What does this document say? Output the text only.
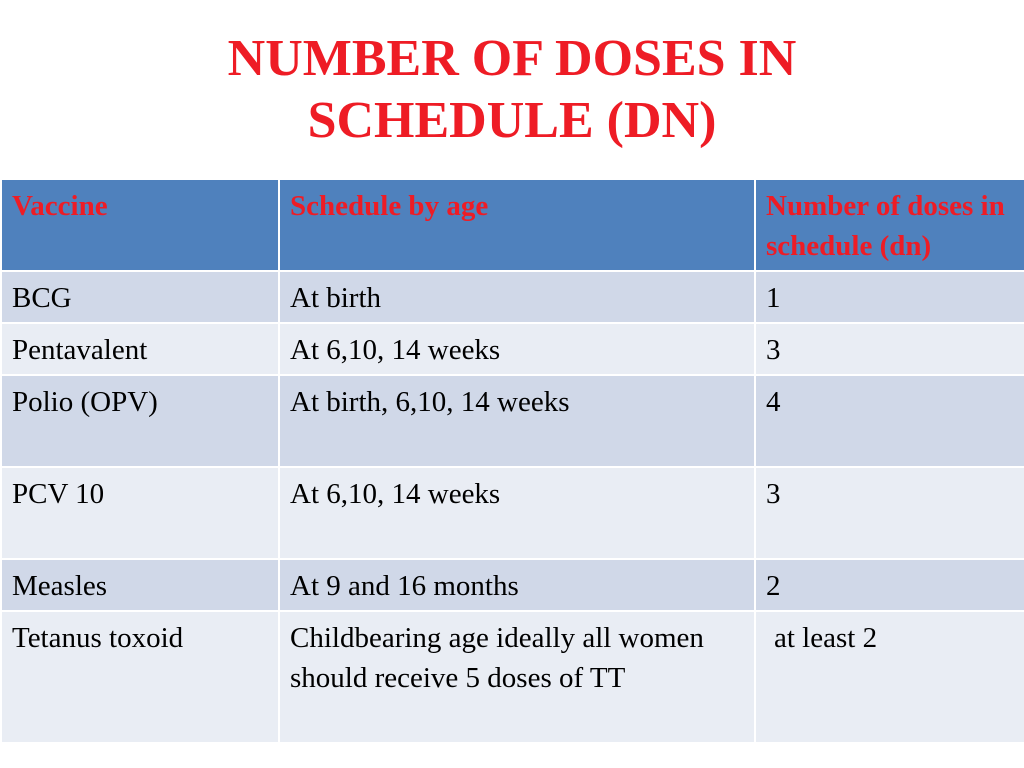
NUMBER OF DOSES IN
SCHEDULE (DN)
Vaccine	Schedule by age	Number of doses in schedule (dn)
BCG	At birth	1
Pentavalent	At 6,10, 14 weeks	3
Polio (OPV)	At birth, 6,10, 14 weeks	4
PCV 10	At 6,10, 14 weeks	3
Measles	At 9 and 16 months	2
Tetanus toxoid	Childbearing age ideally all women should receive 5 doses of TT	at least 2
